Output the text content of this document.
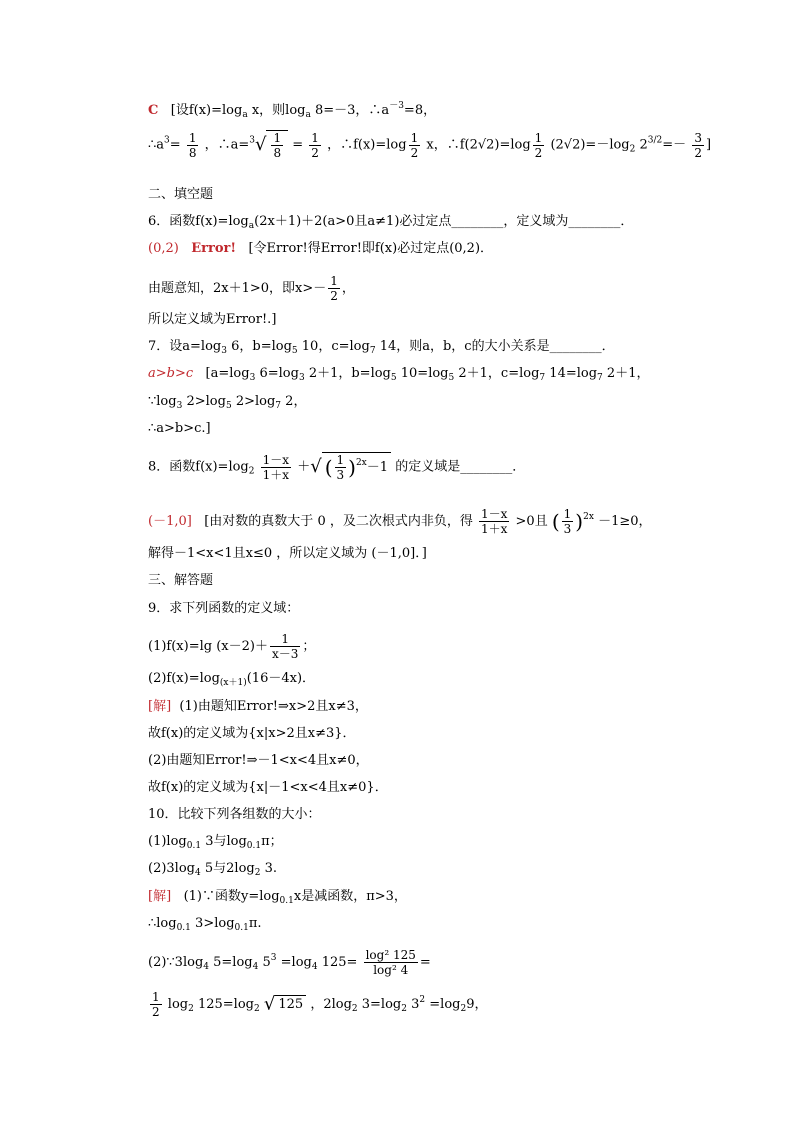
C [设$f(x)=\log_a$ x，则$\log_a 8=-3$，$\therefore a^{-3}=8$，
$\therefore a^3= \frac{1}{8}$ ，∴a=$^3$√ $\frac{1}{8} = \frac{1}{2}$ ，∴f(x)=log $\frac{1}{2}$ x，∴f(2√2)=log $\frac{1}{2} (2√2)=-\log_2$ $2^{3/2}=- \frac{3}{2}$ ]
二、填空题
6．函数$f(x)=\log_a(2x+1)+2(a>0$且a≠1)必过定点________，定义域为________．
(0,2) Error! [令Error!得Error!即f(x)必过定点(0,2)．
由题意知，2x＋1>0，即$x>- \frac{1}{2}$ ，
所以定义域为Error!.]
7．设$a=\log_3$ 6，$b=\log_5$ 10，$c=\log_7$ 14，则a，b，c的大小关系是________．
a>b>c [$a=\log_3$ $6=\log_3$ 2＋1，$b=\log_5$ $10=\log_5$ 2＋1，$c=\log_7$ $14=\log_7$ 2＋1，
$\because\log_3$ $2>\log_5$ $2>\log_7$ 2，
∴a>b>c.]
8．函数$f(x)=\log_2 \frac{1-x}{1+x}$ ＋√ ( $\frac{1}{3} )^{2x}-1$ 的定义域是________．
(－1,0] [由对数的真数大于 0 ，及二次根式内非负，得 $\frac{1-x}{1+x} >0$且 ( $\frac{1}{3} )^{2x} -1\ge 0$，
解得－1<x<1且x≤0 ，所以定义域为 (－1,0]．]
三、解答题
9．求下列函数的定义域：
(1)f(x)=lg $(x-2)+ \frac{1}{x-3}$ ；
$(2)f(x)=\log_{(x+1)}(16-4x)$．
[解] (1)由题知Error!⇒x>2且x≠3，
故f(x)的定义域为{x|x>2且x≠3}．
(2)由题知Error!⇒－1<x<4且x≠0，
故f(x)的定义域为{x|－1<x<4且x≠0}．
10．比较下列各组数的大小：
$(1)\log_{0.1}$ 3与$\log_{0.1}\pi$；
$(2)3\log_4$ 5与$2\log_2$ 3.
[解] (1)∵函数$y=\log_{0.1}x$是减函数，π>3，
$\therefore\log_{0.1}$ $3>\log_{0.1}\pi$.
$(2)\because 3\log_4$ $5=\log_4$ $5^3 =\log_4$ $125= \frac{\text{log² 125}}{\text{log² 4}}$ =
$\frac{1}{2} \log_2 125=\log_2$ √ 125 ，$2\log_2$ $3=\log_2$ $3^2 =\log_29$，
